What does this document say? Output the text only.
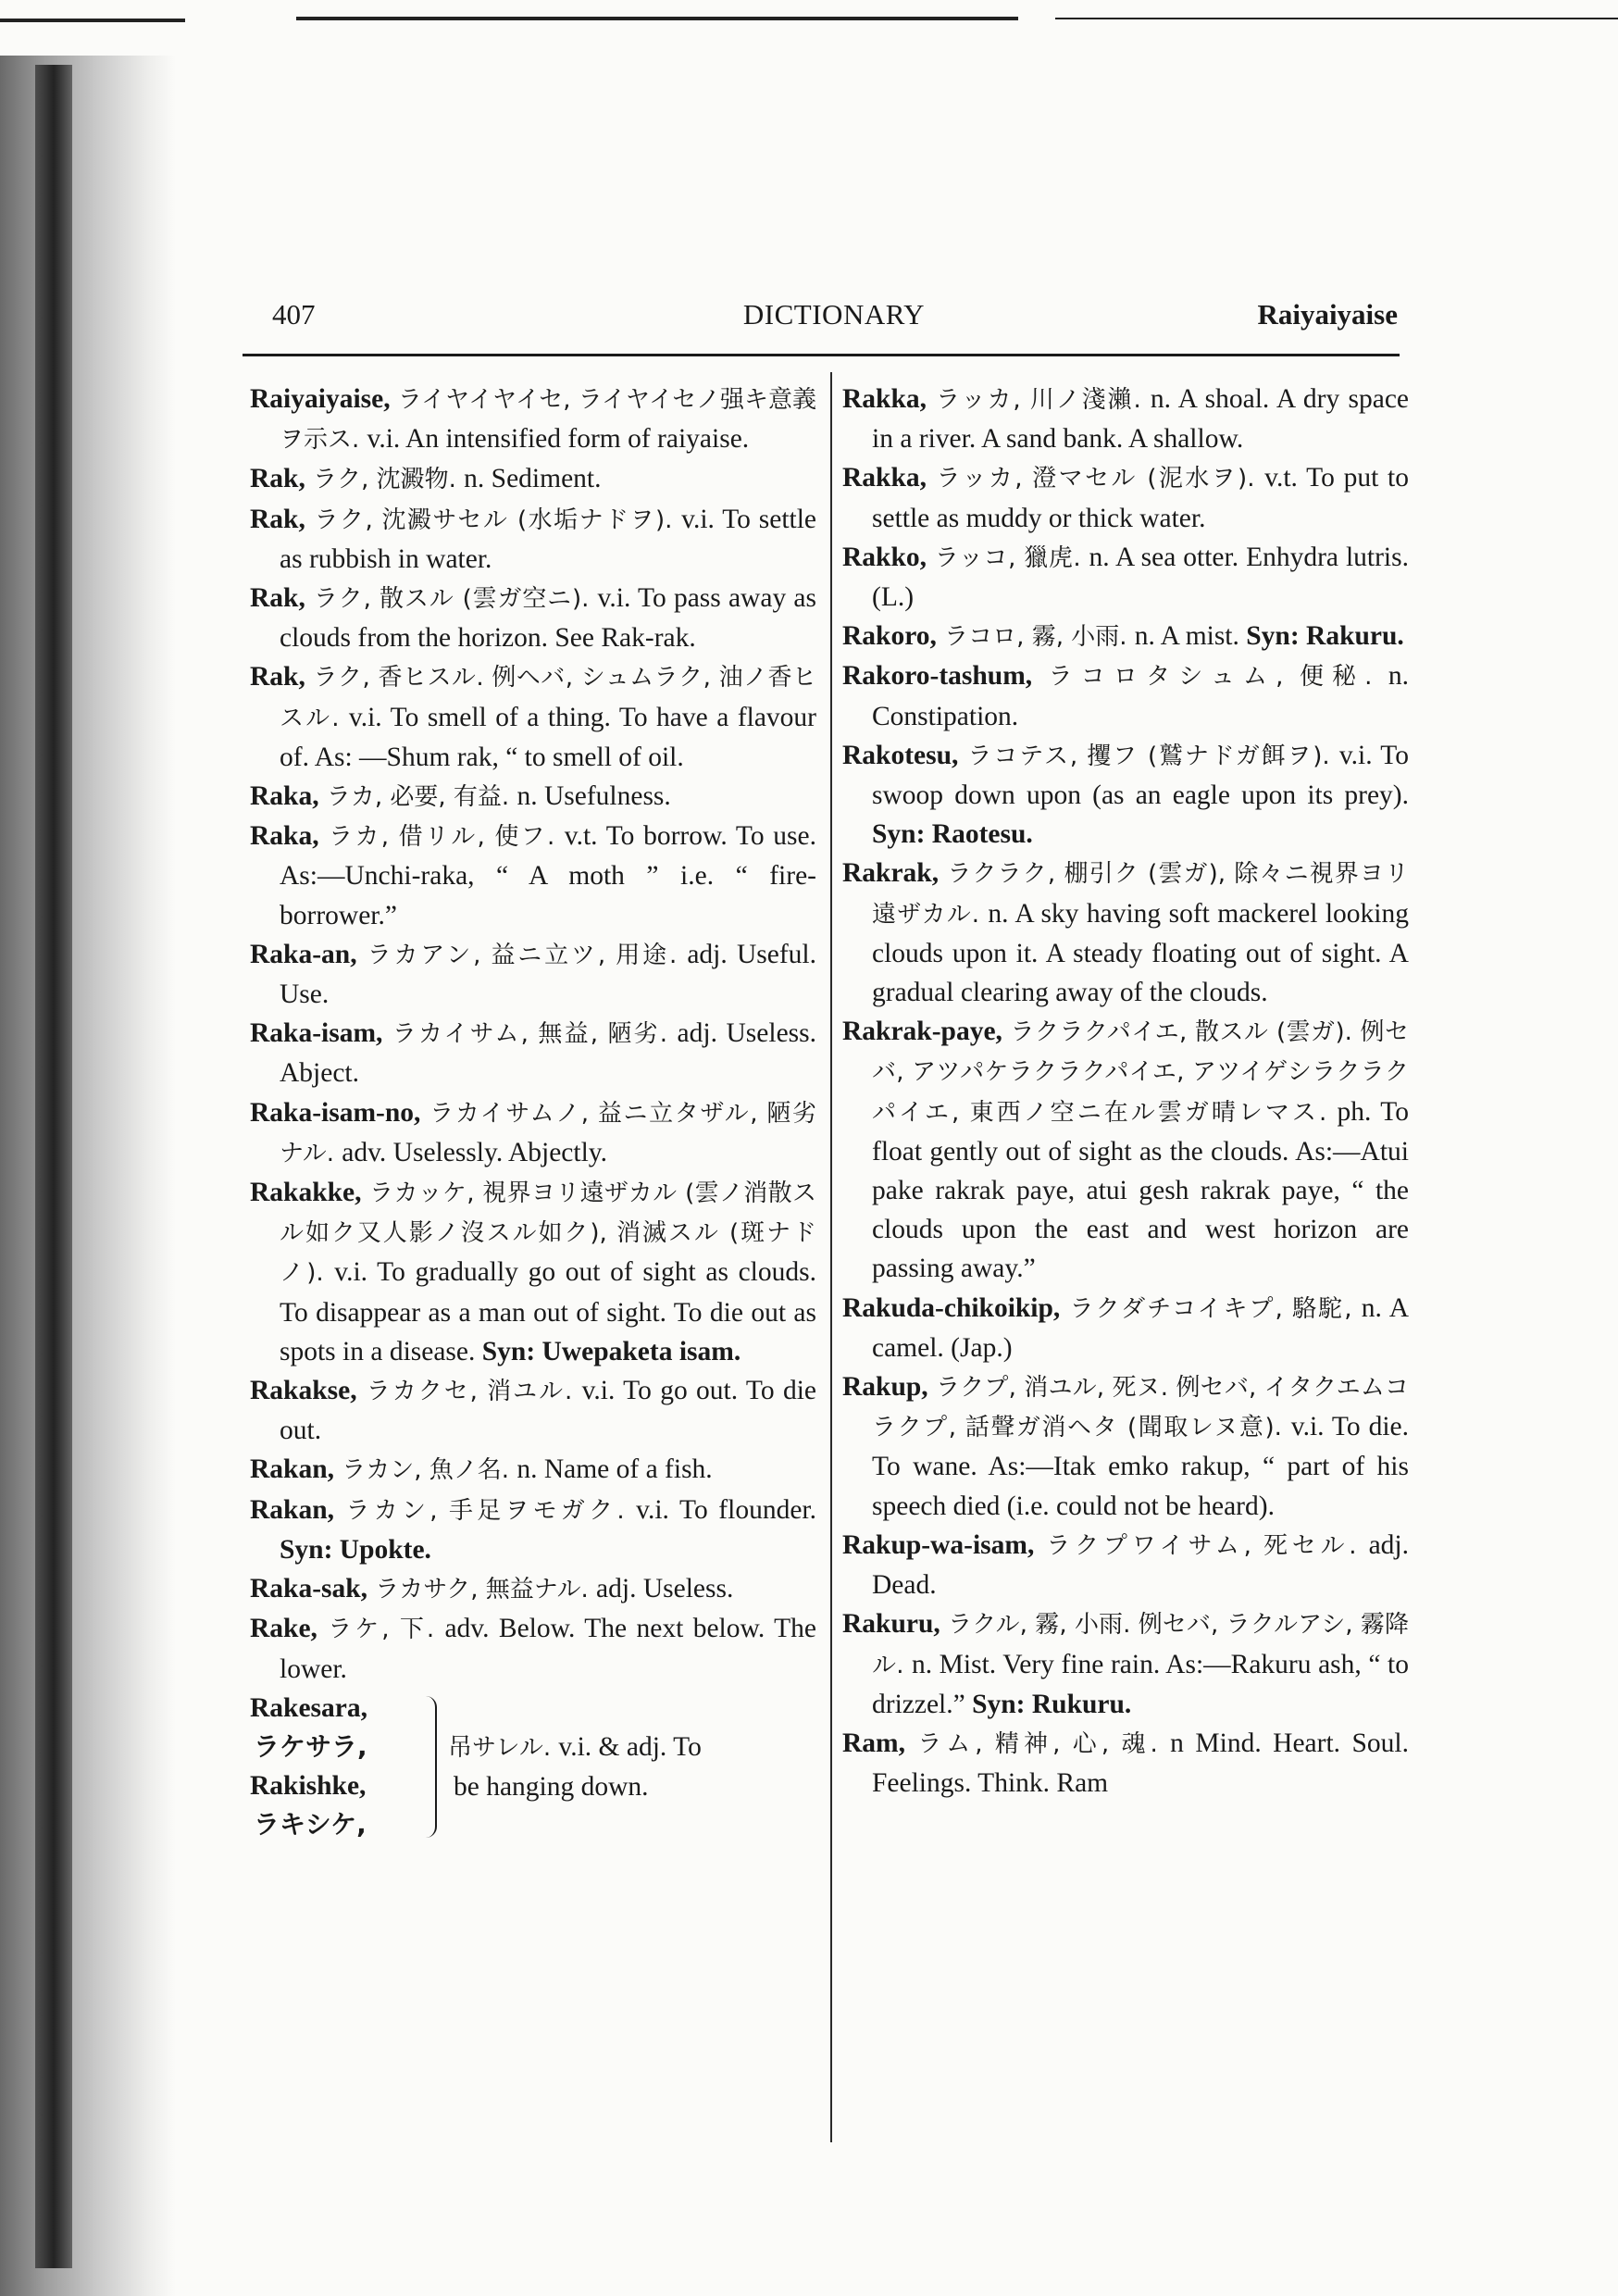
407	DICTIONARY	Raiyaiyaise

Raiyaiyaise, ライヤイヤイセ, ライヤイセノ强キ意義ヲ示ス. v.i. An intensified form of raiyaise.

Rak, ラク, 沈澱物. n. Sediment.

Rak, ラク, 沈澱サセル (水垢ナドヲ). v.i. To settle as rubbish in water.

Rak, ラク, 散スル (雲ガ空ニ). v.i. To pass away as clouds from the horizon. See Rak-rak.

Rak, ラク, 香ヒスル. 例ヘバ, シュムラク, 油ノ香ヒスル. v.i. To smell of a thing. To have a flavour of. As: —Shum rak, “ to smell of oil.

Raka, ラカ, 必要, 有益. n. Usefulness.

Raka, ラカ, 借リル, 使フ. v.t. To borrow. To use. As:—Unchi-raka, “ A moth ” i.e. “ fire-borrower.”

Raka-an, ラカアン, 益ニ立ツ, 用途. adj. Useful. Use.

Raka-isam, ラカイサム, 無益, 陋劣. adj. Useless. Abject.

Raka-isam-no, ラカイサムノ, 益ニ立タザル, 陋劣ナル. adv. Uselessly. Abjectly.

Rakakke, ラカッケ, 視界ヨリ遠ザカル (雲ノ消散スル如ク又人影ノ沒スル如ク), 消滅スル (斑ナドノ). v.i. To gradually go out of sight as clouds. To disappear as a man out of sight. To die out as spots in a disease. Syn: Uwepaketa isam.

Rakakse, ラカクセ, 消ユル. v.i. To go out. To die out.

Rakan, ラカン, 魚ノ名. n. Name of a fish.

Rakan, ラカン, 手足ヲモガク. v.i. To flounder. Syn: Upokte.

Raka-sak, ラカサク, 無益ナル. adj. Useless.

Rake, ラケ, 下. adv. Below. The next below. The lower.

Rakesara,
ラケサラ,
Rakishke,
ラキシケ,
吊サレル. v.i. & adj. To
be hanging down.

Rakka, ラッカ, 川ノ淺瀨. n. A shoal. A dry space in a river. A sand bank. A shallow.

Rakka, ラッカ, 澄マセル (泥水ヲ). v.t. To put to settle as muddy or thick water.

Rakko, ラッコ, 獵虎. n. A sea otter. Enhydra lutris. (L.)

Rakoro, ラコロ, 霧, 小雨. n. A mist. Syn: Rakuru.

Rakoro-tashum, ラコロタシュム, 便秘. n. Constipation.

Rakotesu, ラコテス, 攫フ (鷲ナドガ餌ヲ). v.i. To swoop down upon (as an eagle upon its prey). Syn: Raotesu.

Rakrak, ラクラク, 棚引ク (雲ガ), 除々ニ視界ヨリ遠ザカル. n. A sky having soft mackerel looking clouds upon it. A steady floating out of sight. A gradual clearing away of the clouds.

Rakrak-paye, ラクラクパイエ, 散スル (雲ガ). 例セバ, アツパケラクラクパイエ, アツイゲシラクラクパイエ, 東西ノ空ニ在ル雲ガ晴レマス. ph. To float gently out of sight as the clouds. As:—Atui pake rakrak paye, atui gesh rakrak paye, “ the clouds upon the east and west horizon are passing away.”

Rakuda-chikoikip, ラクダチコイキプ, 駱駝, n. A camel. (Jap.)

Rakup, ラクプ, 消ユル, 死ヌ. 例セバ, イタクエムコラクプ, 話聲ガ消ヘタ (聞取レヌ意). v.i. To die. To wane. As:—Itak emko rakup, “ part of his speech died (i.e. could not be heard).

Rakup-wa-isam, ラクプワイサム, 死セル. adj. Dead.

Rakuru, ラクル, 霧, 小雨. 例セバ, ラクルアシ, 霧降ル. n. Mist. Very fine rain. As:—Rakuru ash, “ to drizzel.” Syn: Rukuru.

Ram, ラム, 精神, 心, 魂. n Mind. Heart. Soul. Feelings. Think. Ram
